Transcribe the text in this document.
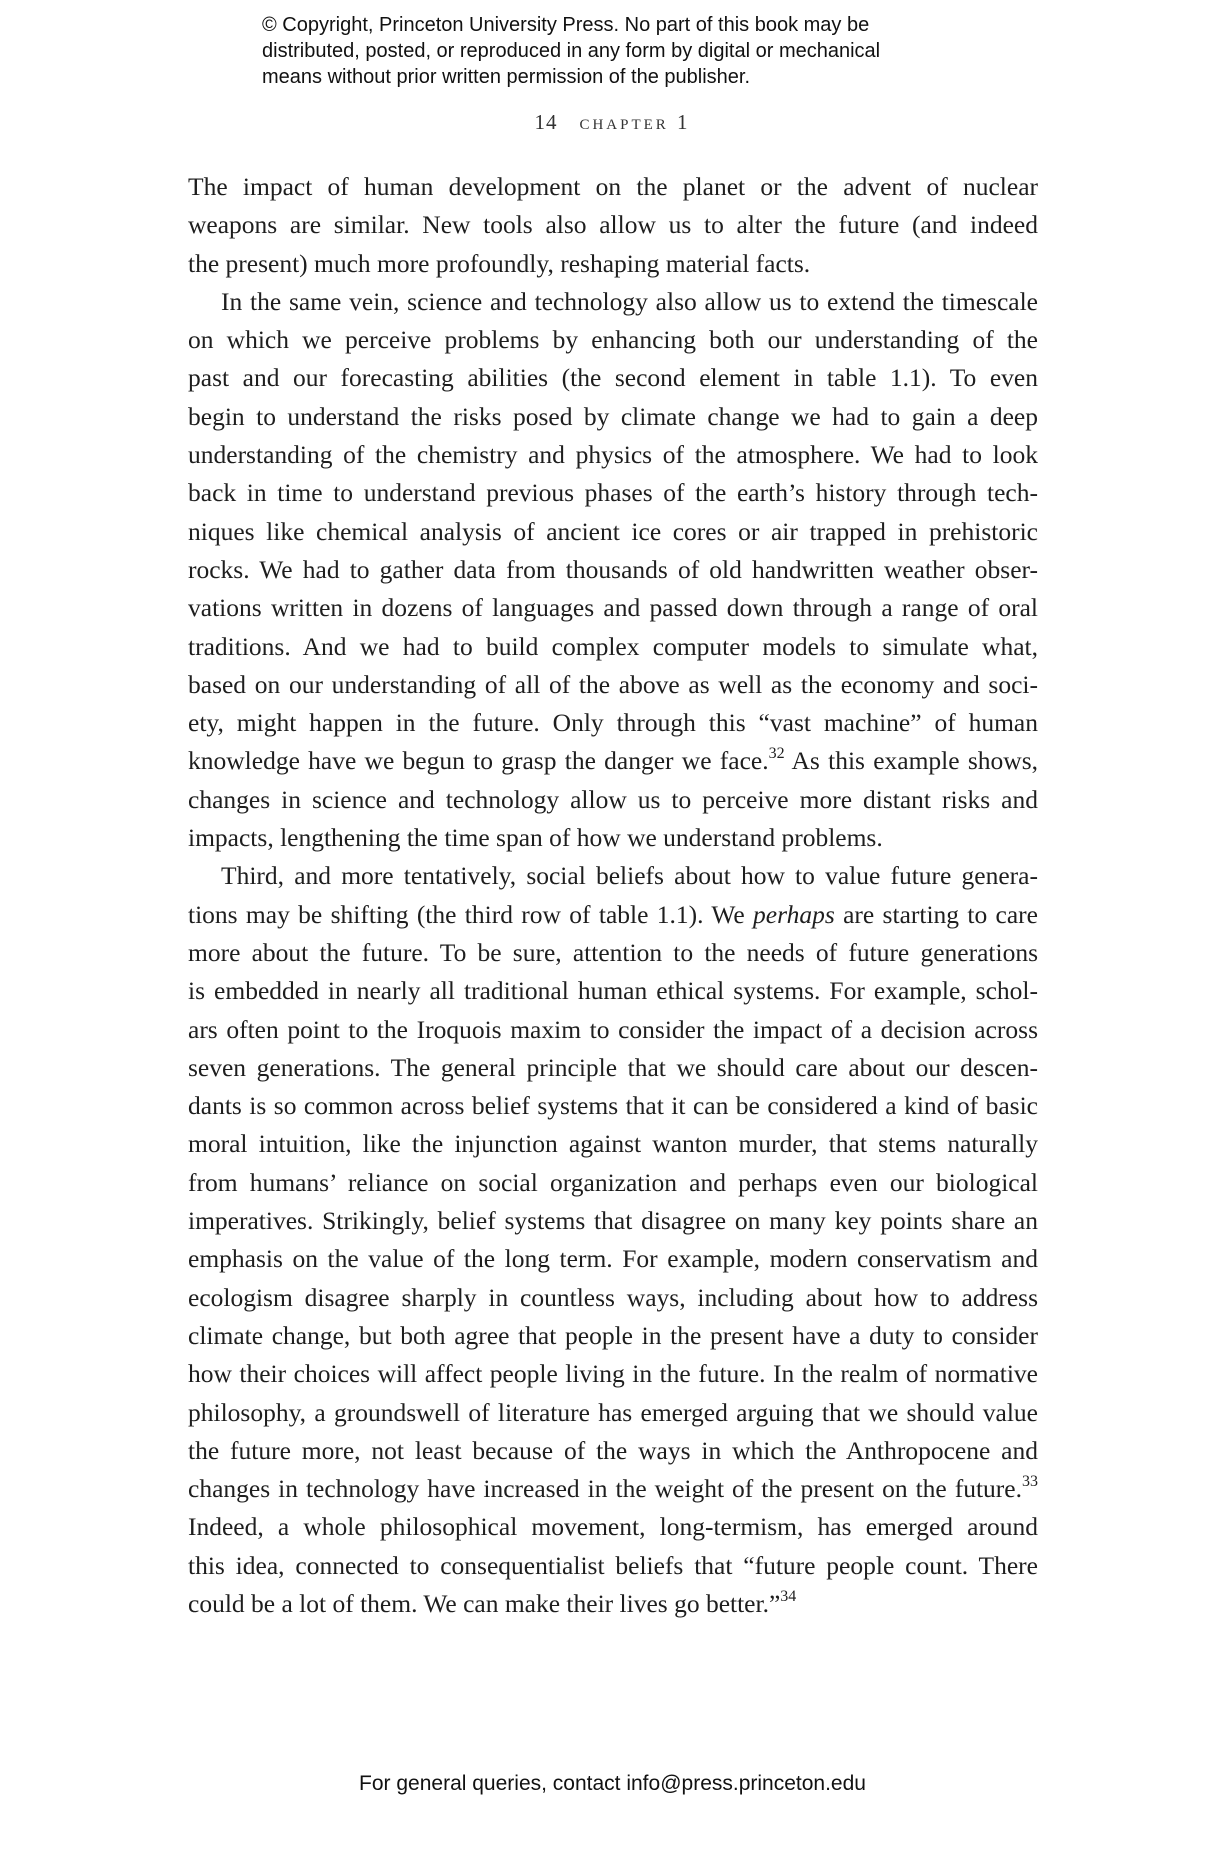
© Copyright, Princeton University Press. No part of this book may be
distributed, posted, or reproduced in any form by digital or mechanical
means without prior written permission of the publisher.
14 chapter 1
The impact of human development on the planet or the advent of nuclear
weapons are similar. New tools also allow us to alter the future (and indeed
the present) much more profoundly, reshaping material facts.
In the same vein, science and technology also allow us to extend the timescale
on which we perceive problems by enhancing both our understanding of the
past and our forecasting abilities (the second element in table 1.1). To even
begin to understand the risks posed by climate change we had to gain a deep
understanding of the chemistry and physics of the atmosphere. We had to look
back in time to understand previous phases of the earth’s history through tech-
niques like chemical analysis of ancient ice cores or air trapped in prehistoric
rocks. We had to gather data from thousands of old handwritten weather obser-
vations written in dozens of languages and passed down through a range of oral
traditions. And we had to build complex computer models to simulate what,
based on our understanding of all of the above as well as the economy and soci-
ety, might happen in the future. Only through this “vast machine” of human
knowledge have we begun to grasp the danger we face.$^{32}$ As this example shows,
changes in science and technology allow us to perceive more distant risks and
impacts, lengthening the time span of how we understand problems.
Third, and more tentatively, social beliefs about how to value future genera-
tions may be shifting (the third row of table 1.1). We perhaps are starting to care
more about the future. To be sure, attention to the needs of future generations
is embedded in nearly all traditional human ethical systems. For example, schol-
ars often point to the Iroquois maxim to consider the impact of a decision across
seven generations. The general principle that we should care about our descen-
dants is so common across belief systems that it can be considered a kind of basic
moral intuition, like the injunction against wanton murder, that stems naturally
from humans’ reliance on social organization and perhaps even our biological
imperatives. Strikingly, belief systems that disagree on many key points share an
emphasis on the value of the long term. For example, modern conservatism and
ecologism disagree sharply in countless ways, including about how to address
climate change, but both agree that people in the present have a duty to consider
how their choices will affect people living in the future. In the realm of normative
philosophy, a groundswell of literature has emerged arguing that we should value
the future more, not least because of the ways in which the Anthropocene and
changes in technology have increased in the weight of the present on the future.$^{33}$
Indeed, a whole philosophical movement, long-termism, has emerged around
this idea, connected to consequentialist beliefs that “future people count. There
could be a lot of them. We can make their lives go better.”$^{34}$
For general queries, contact info@press.princeton.edu
